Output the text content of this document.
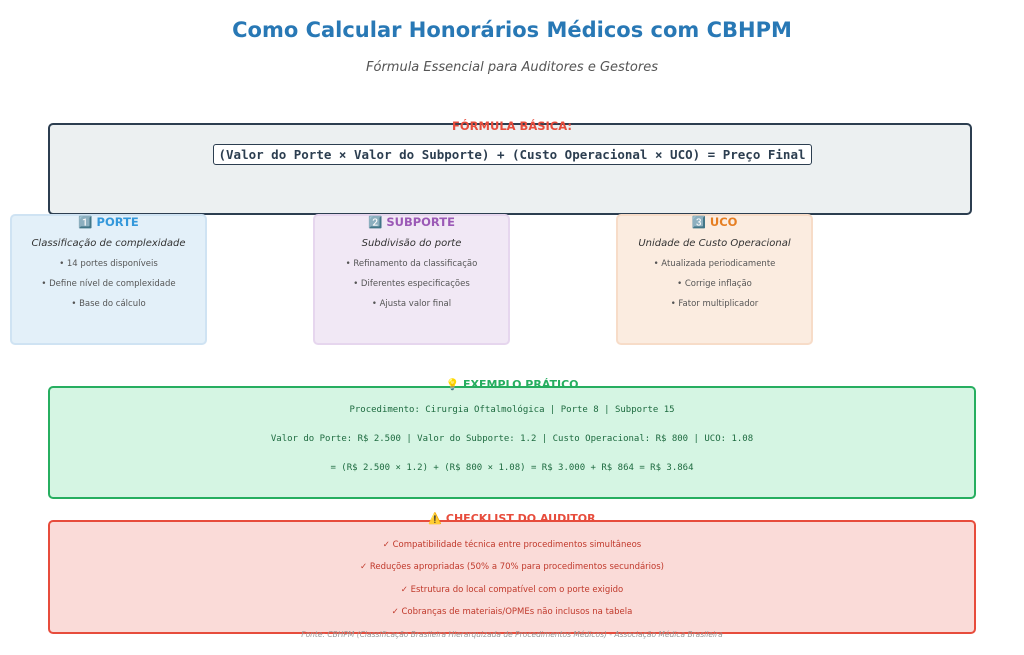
Como Calcular Honorários Médicos com CBHPM
Fórmula Essencial para Auditores e Gestores
FÓRMULA BÁSICA:
(Valor do Porte × Valor do Subporte) + (Custo Operacional × UCO) = Preço Final
1️⃣ PORTE
Classificação de complexidade
• 14 portes disponíveis
• Define nível de complexidade
• Base do cálculo
2️⃣ SUBPORTE
Subdivisão do porte
• Refinamento da classificação
• Diferentes especificações
• Ajusta valor final
3️⃣ UCO
Unidade de Custo Operacional
• Atualizada periodicamente
• Corrige inflação
• Fator multiplicador
💡 EXEMPLO PRÁTICO
Procedimento: Cirurgia Oftalmológica | Porte 8 | Subporte 15
Valor do Porte: R$ 2.500 | Valor do Subporte: 1.2 | Custo Operacional: R$ 800 | UCO: 1.08
= (R$ 2.500 × 1.2) + (R$ 800 × 1.08) = R$ 3.000 + R$ 864 = R$ 3.864
⚠️ CHECKLIST DO AUDITOR
✓ Compatibilidade técnica entre procedimentos simultâneos
✓ Reduções apropriadas (50% a 70% para procedimentos secundários)
✓ Estrutura do local compatível com o porte exigido
✓ Cobranças de materiais/OPMEs não inclusos na tabela
Fonte: CBHPM (Classificação Brasileira Hierarquizada de Procedimentos Médicos) - Associação Médica Brasileira
